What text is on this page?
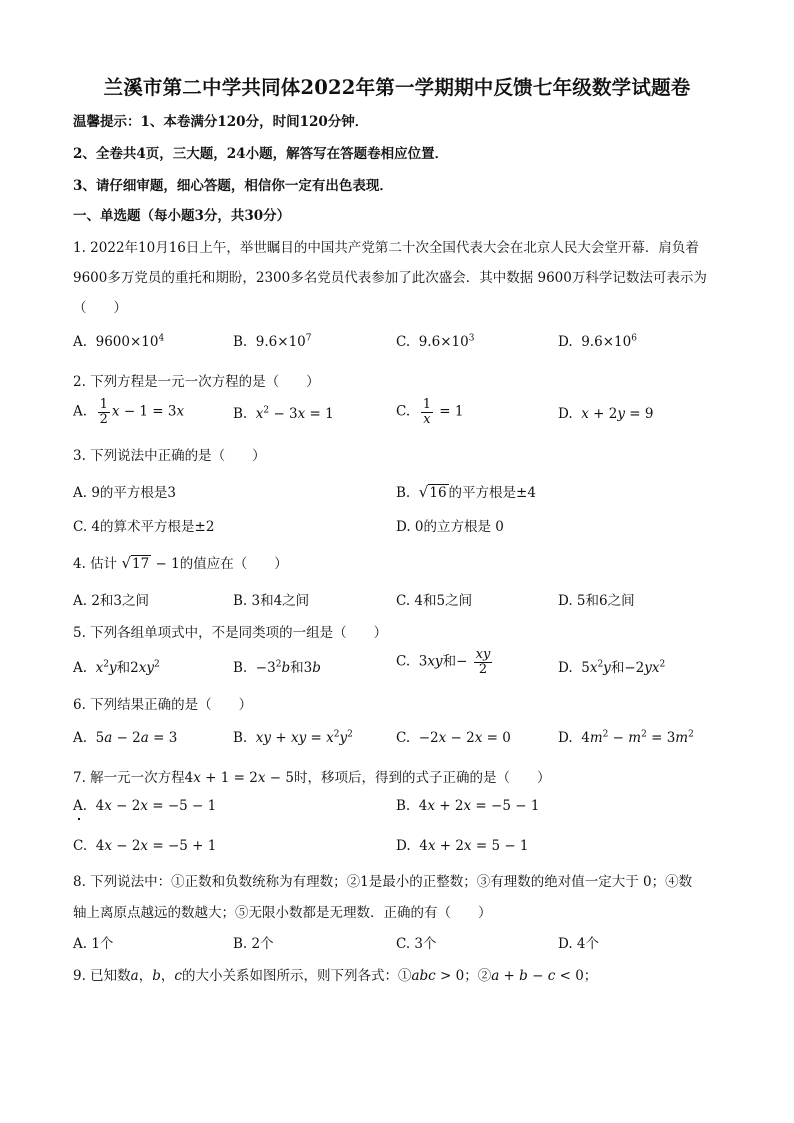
兰溪市第二中学共同体2022年第一学期期中反馈七年级数学试题卷
温馨提示：1、本卷满分120分，时间120分钟．
2、全卷共4页，三大题，24小题，解答写在答题卷相应位置．
3、请仔细审题，细心答题，相信你一定有出色表现．
一、单选题（每小题3分，共30分）
1. 2022年10月16日上午，举世瞩目的中国共产党第二十次全国代表大会在北京人民大会堂开幕．肩负着
9600多万党员的重托和期盼，2300多名党员代表参加了此次盛会．其中数据 9600万科学记数法可表示为
（　　）
A.  $9600\times 10^4$	B.  $9.6\times 10^7$	C.  $9.6\times 10^3$	D.  $9.6\times 10^6$
2. 下列方程是一元一次方程的是（　　）
A. $\frac{1}{2}$ x − 1 = 3x	B.  $x^2 - 3x = 1$	C. $\frac{1}{x} = 1$	D.  x + 2y = 9
3. 下列说法中正确的是（　　）
A. 9的平方根是3	B.  √16 的平方根是±4
C. 4的算术平方根是±2	D. 0的立方根是 0
4. 估计 √17 − 1的值应在（　　）
A. 2和3之间	B. 3和4之间	C. 4和5之间	D. 5和6之间
5. 下列各组单项式中，不是同类项的一组是（　　）
A.  $x^2y$和$2xy^2$	B.  $-3^2b$和3b	C.  3xy和− $\frac{xy}{2}$	D.  $5x^2y$和$-2yx^2$
6. 下列结果正确的是（　　）
A.  5a − 2a = 3	B.  xy + xy = $x^2y^2$	C.  −2x − 2x = 0	D.  $4m^2 - m^2 = 3m^2$
7. 解一元一次方程4x + 1 = 2x − 5时，移项后，得到的式子正确的是（　　）
A.  4x − 2x = −5 − 1	B.  4x + 2x = −5 − 1
C.  4x − 2x = −5 + 1	D.  4x + 2x = 5 − 1
8. 下列说法中：①正数和负数统称为有理数；②1是最小的正整数；③有理数的绝对值一定大于 0；④数
轴上离原点越远的数越大；⑤无限小数都是无理数．正确的有（　　）
A. 1个	B. 2个	C. 3个	D. 4个
9. 已知数a，b，c的大小关系如图所示，则下列各式：①abc > 0；②a + b − c < 0；
